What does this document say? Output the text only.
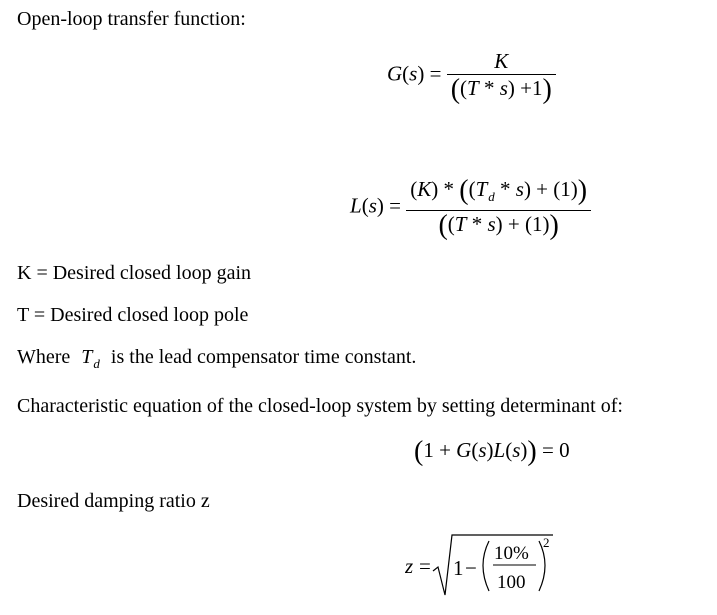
Open-loop transfer function:
$G(s) = \frac{K}{((T * s) +1)}$
$L(s) = \frac{(K) * ((T_d * s) + (1))}{((T * s) + (1))}$
K = Desired closed loop gain
T = Desired closed loop pole
Where $T_d$ is the lead compensator time constant.
Characteristic equation of the closed-loop system by setting determinant of:
(1 + G(s)L(s)) = 0
Desired damping ratio z
z = 1 −
10%
100
2
